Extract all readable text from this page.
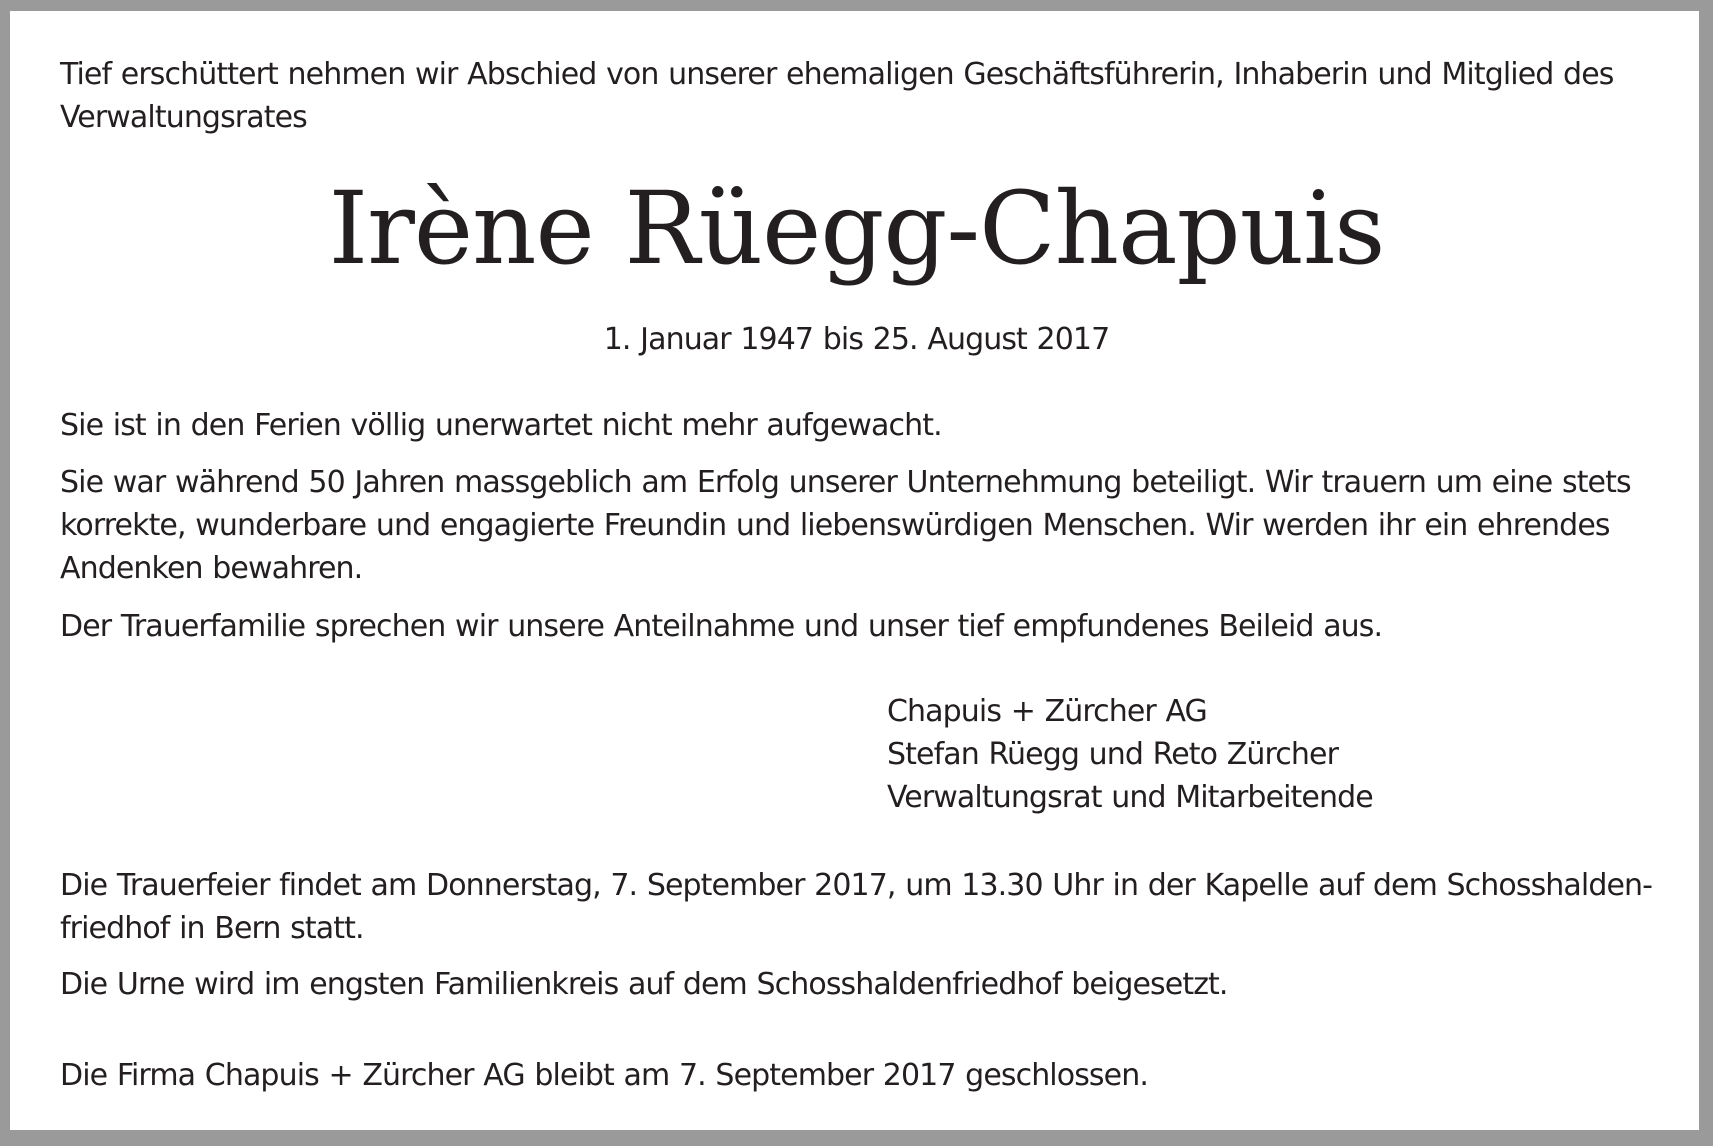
Tief erschüttert nehmen wir Abschied von unserer ehemaligen Geschäftsführerin, Inhaberin und Mitglied des
Verwaltungsrates
Irène Rüegg-Chapuis
1. Januar 1947 bis 25. August 2017
Sie ist in den Ferien völlig unerwartet nicht mehr aufgewacht.
Sie war während 50 Jahren massgeblich am Erfolg unserer Unternehmung beteiligt. Wir trauern um eine stets
korrekte, wunderbare und engagierte Freundin und liebenswürdigen Menschen. Wir werden ihr ein ehrendes
Andenken bewahren.
Der Trauerfamilie sprechen wir unsere Anteilnahme und unser tief empfundenes Beileid aus.
Chapuis + Zürcher AG
Stefan Rüegg und Reto Zürcher
Verwaltungsrat und Mitarbeitende
Die Trauerfeier findet am Donnerstag, 7. September 2017, um 13.30 Uhr in der Kapelle auf dem Schosshalden-
friedhof in Bern statt.
Die Urne wird im engsten Familienkreis auf dem Schosshaldenfriedhof beigesetzt.
Die Firma Chapuis + Zürcher AG bleibt am 7. September 2017 geschlossen.
